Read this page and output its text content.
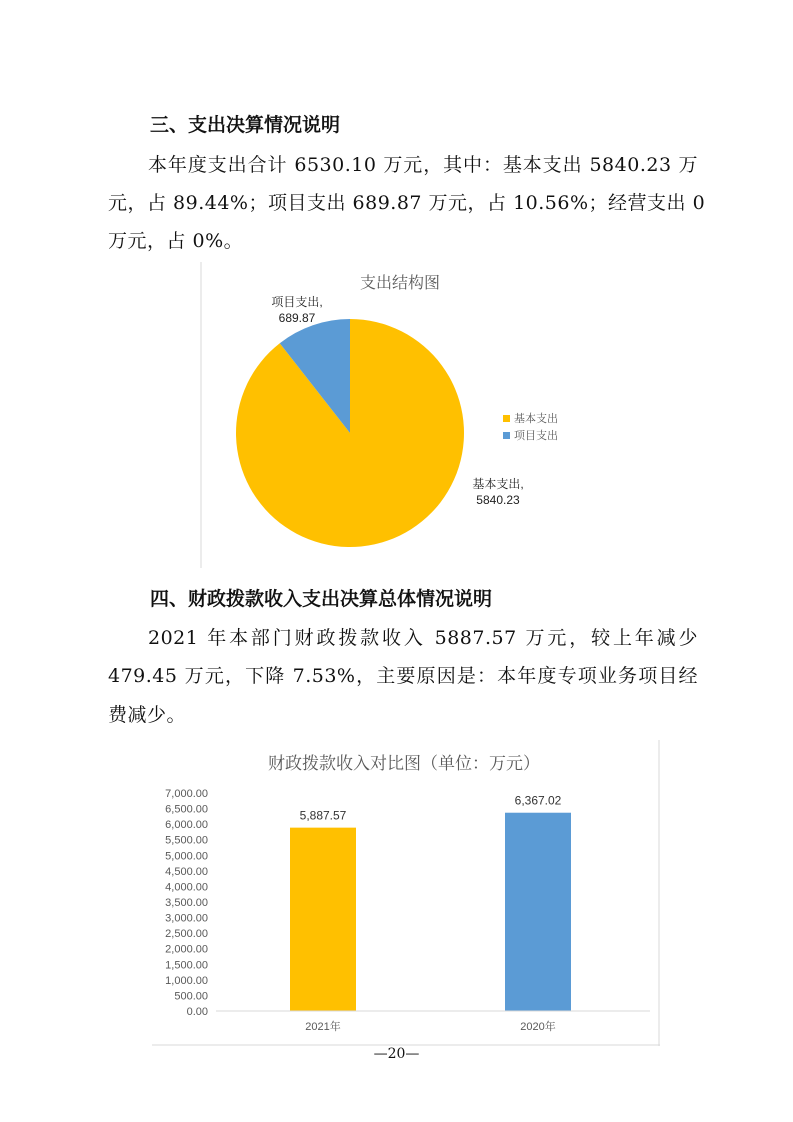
三、支出决算情况说明
本年度支出合计 6530.10 万元，其中：基本支出 5840.23 万
元，占 89.44%；项目支出 689.87 万元，占 10.56%；经营支出 0
万元，占 0%。
支出结构图
项目支出,
689.87
基本支出,
5840.23
基本支出
项目支出
四、财政拨款收入支出决算总体情况说明
2021 年本部门财政拨款收入 5887.57 万元，较上年减少
479.45 万元，下降 7.53%，主要原因是：本年度专项业务项目经
费减少。
财政拨款收入对比图（单位：万元）
0.00
500.00
1,000.00
1,500.00
2,000.00
2,500.00
3,000.00
3,500.00
4,000.00
4,500.00
5,000.00
5,500.00
6,000.00
6,500.00
7,000.00
5,887.57
2021年
6,367.02
2020年
—20—
